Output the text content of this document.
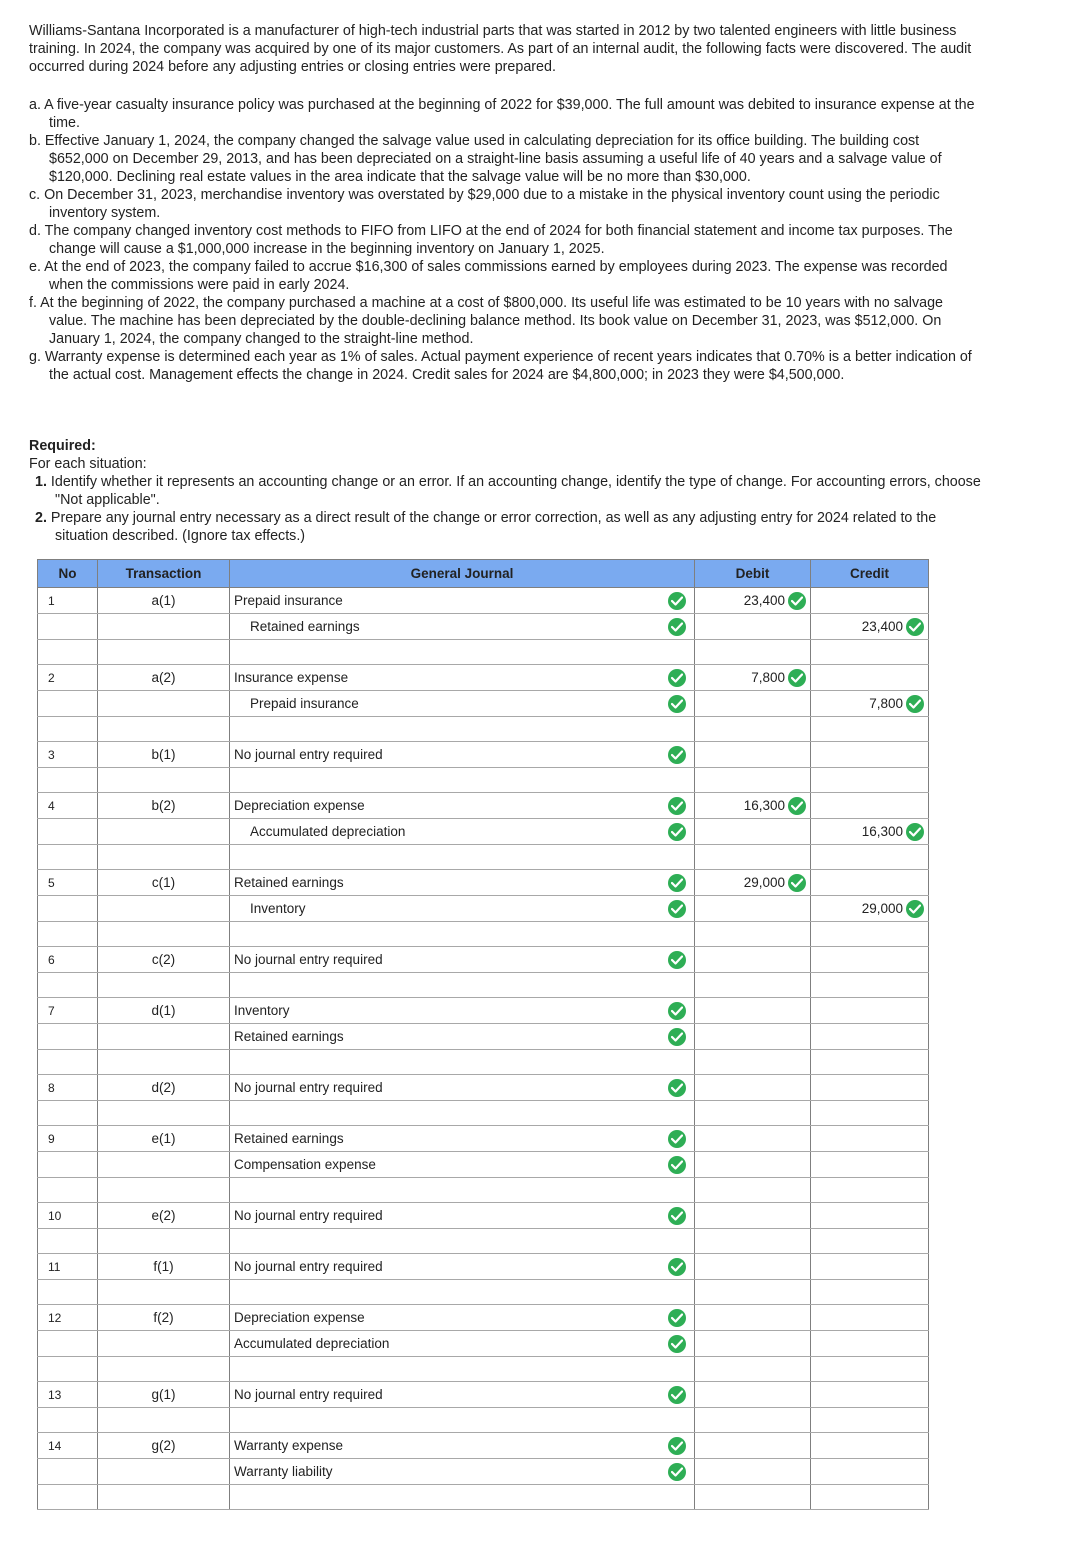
Williams-Santana Incorporated is a manufacturer of high-tech industrial parts that was started in 2012 by two talented engineers with little business training. In 2024, the company was acquired by one of its major customers. As part of an internal audit, the following facts were discovered. The audit occurred during 2024 before any adjusting entries or closing entries were prepared.

a. A five-year casualty insurance policy was purchased at the beginning of 2022 for $39,000. The full amount was debited to insurance expense at the time.
b. Effective January 1, 2024, the company changed the salvage value used in calculating depreciation for its office building. The building cost $652,000 on December 29, 2013, and has been depreciated on a straight-line basis assuming a useful life of 40 years and a salvage value of $120,000. Declining real estate values in the area indicate that the salvage value will be no more than $30,000.
c. On December 31, 2023, merchandise inventory was overstated by $29,000 due to a mistake in the physical inventory count using the periodic inventory system.
d. The company changed inventory cost methods to FIFO from LIFO at the end of 2024 for both financial statement and income tax purposes. The change will cause a $1,000,000 increase in the beginning inventory on January 1, 2025.
e. At the end of 2023, the company failed to accrue $16,300 of sales commissions earned by employees during 2023. The expense was recorded when the commissions were paid in early 2024.
f. At the beginning of 2022, the company purchased a machine at a cost of $800,000. Its useful life was estimated to be 10 years with no salvage value. The machine has been depreciated by the double-declining balance method. Its book value on December 31, 2023, was $512,000. On January 1, 2024, the company changed to the straight-line method.
g. Warranty expense is determined each year as 1% of sales. Actual payment experience of recent years indicates that 0.70% is a better indication of the actual cost. Management effects the change in 2024. Credit sales for 2024 are $4,800,000; in 2023 they were $4,500,000.
Required:
For each situation:
1. Identify whether it represents an accounting change or an error. If an accounting change, identify the type of change. For accounting errors, choose "Not applicable".
2. Prepare any journal entry necessary as a direct result of the change or error correction, as well as any adjusting entry for 2024 related to the situation described. (Ignore tax effects.)
No	Transaction	General Journal	Debit	Credit
1	a(1)	Prepaid insurance	23,400	

		Retained earnings		23,400

2	a(2)	Insurance expense	7,800	

		Prepaid insurance		7,800

3	b(1)	No journal entry required

4	b(2)	Depreciation expense	16,300	

		Accumulated depreciation		16,300

5	c(1)	Retained earnings	29,000	

		Inventory		29,000

6	c(2)	No journal entry required

7	d(1)	Inventory

		Retained earnings

8	d(2)	No journal entry required

9	e(1)	Retained earnings

		Compensation expense

10	e(2)	No journal entry required

11	f(1)	No journal entry required

12	f(2)	Depreciation expense

		Accumulated depreciation

13	g(1)	No journal entry required

14	g(2)	Warranty expense

		Warranty liability
